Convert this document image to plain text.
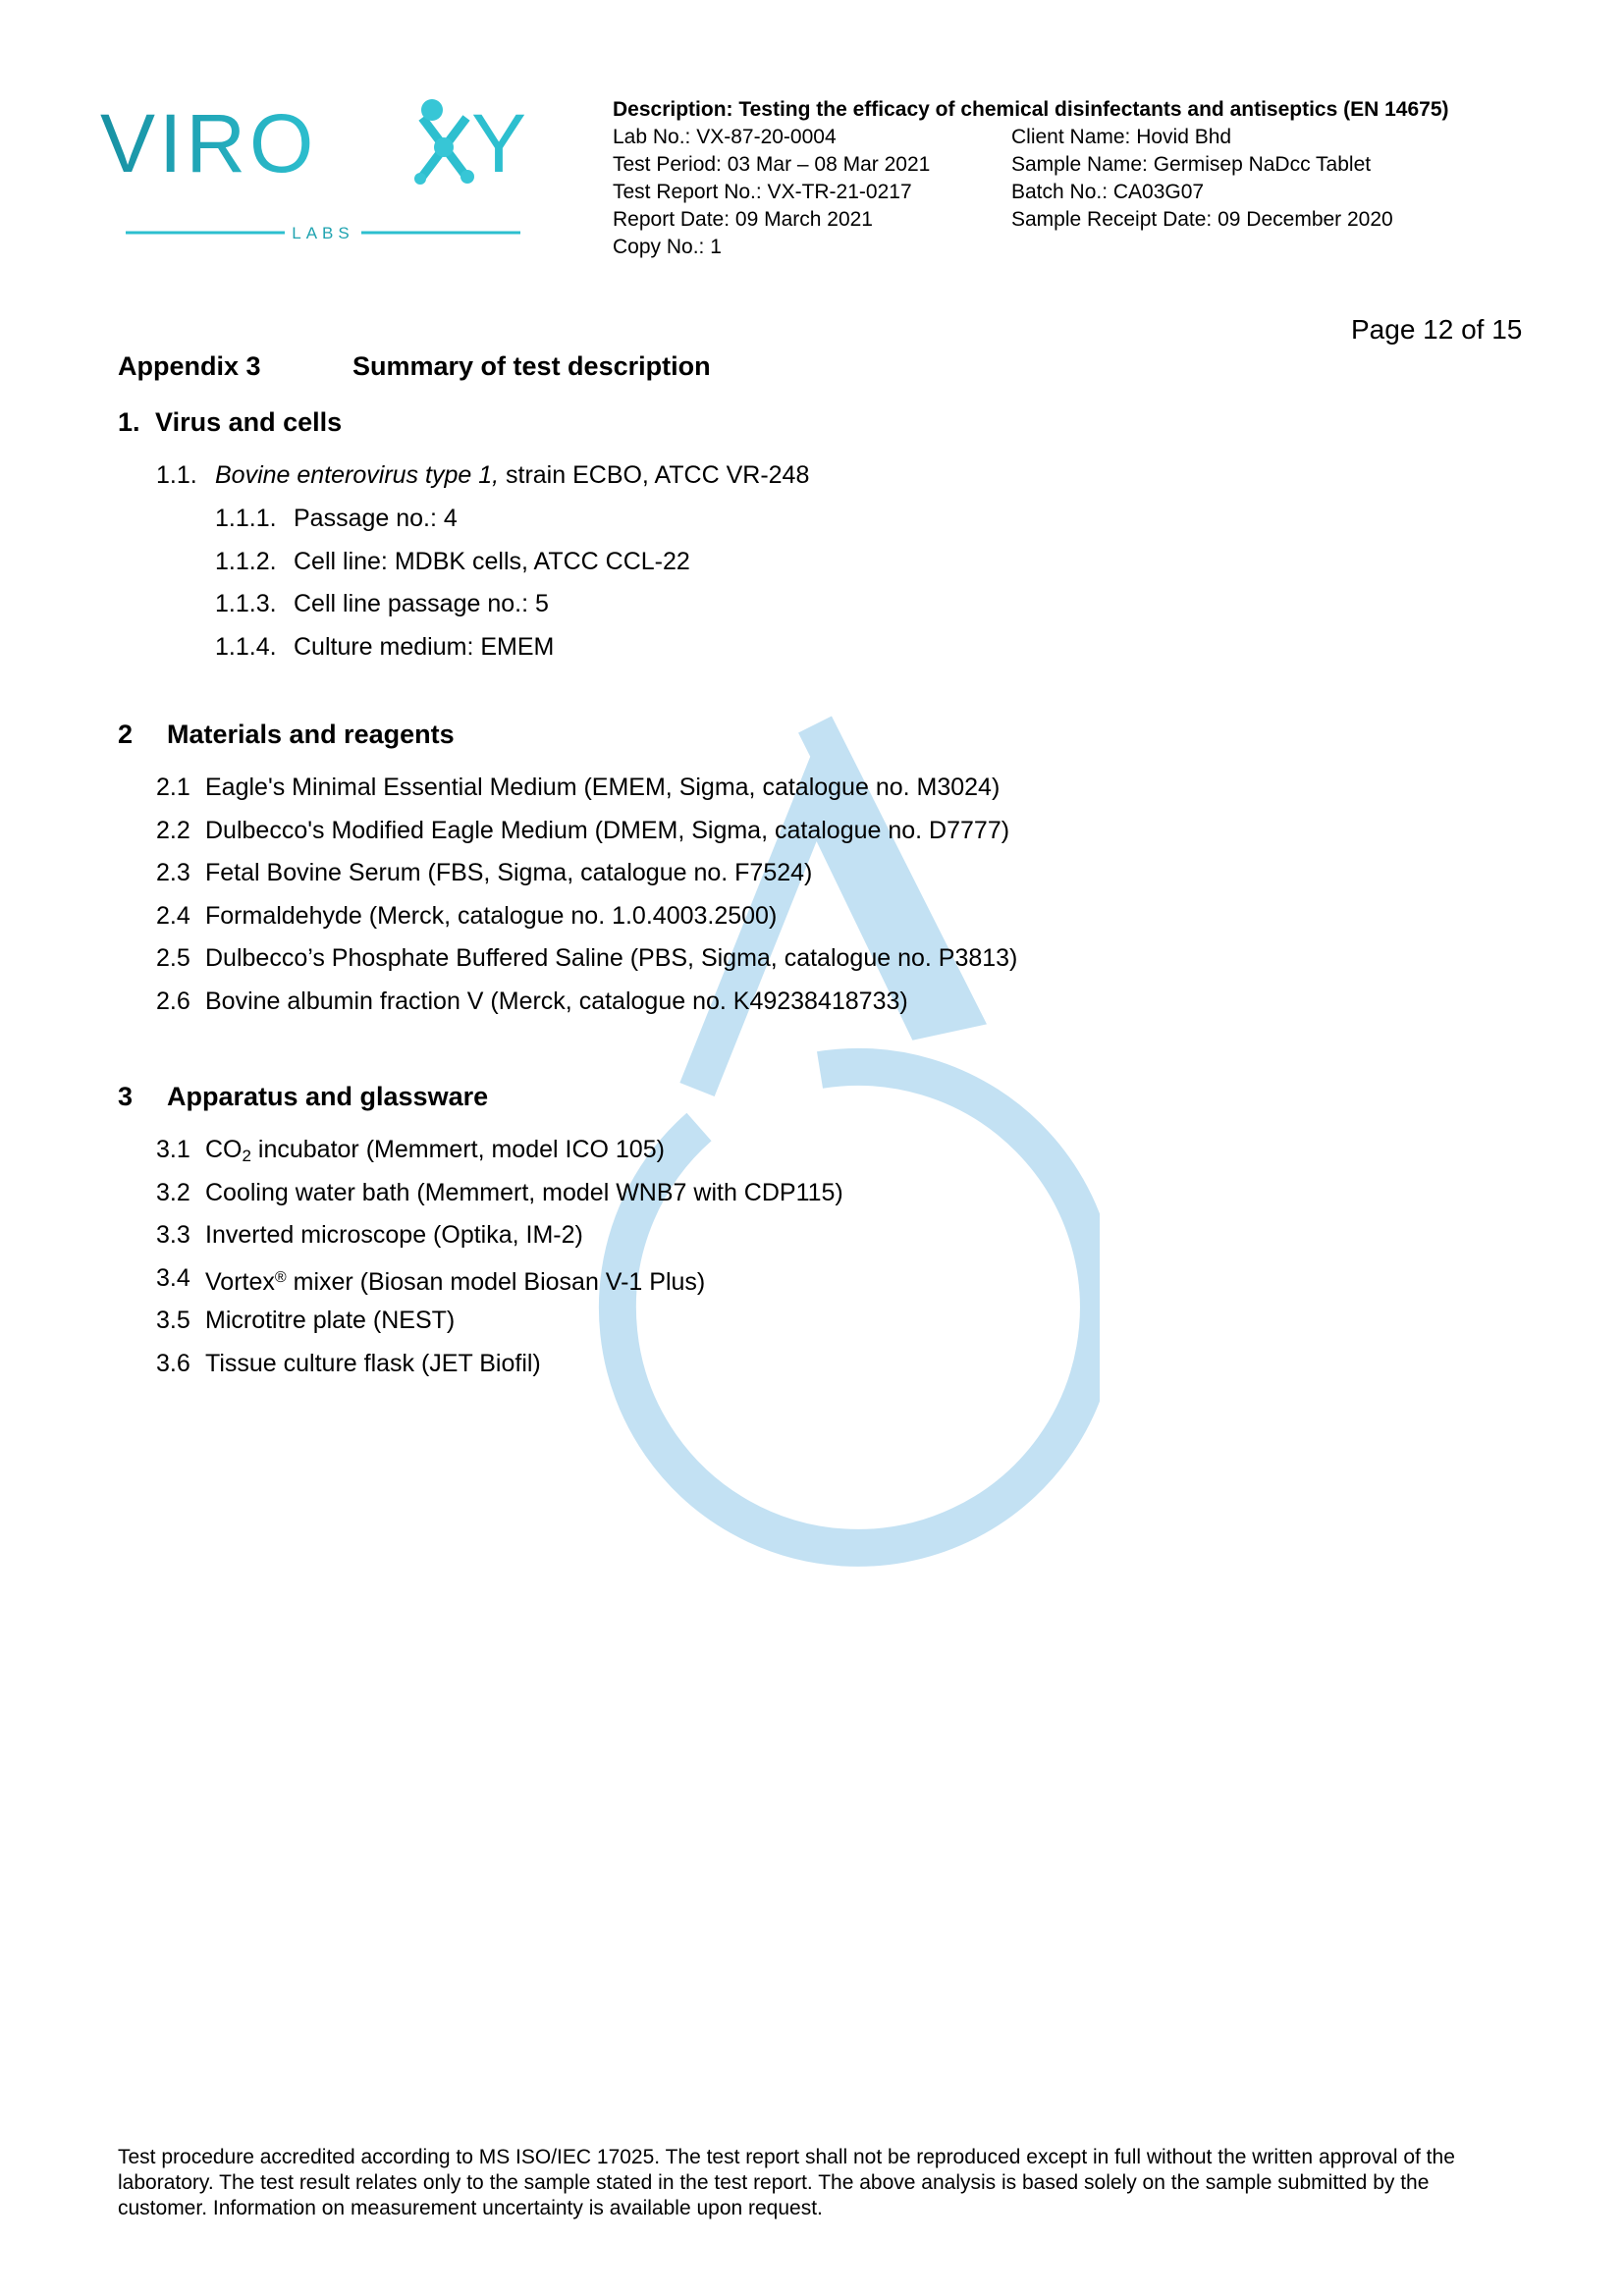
VIRO Y
LABS
Description: Testing the efficacy of chemical disinfectants and antiseptics (EN 14675)
Lab No.: VX-87-20-0004
Test Period: 03 Mar – 08 Mar 2021
Test Report No.: VX-TR-21-0217
Report Date: 09 March 2021
Copy No.: 1
Client Name: Hovid Bhd
Sample Name: Germisep NaDcc Tablet
Batch No.: CA03G07
Sample Receipt Date: 09 December 2020
Page 12 of 15
Appendix 3	Summary of test description
1. Virus and cells
1.1. Bovine enterovirus type 1, strain ECBO, ATCC VR-248
1.1.1. Passage no.: 4
1.1.2. Cell line: MDBK cells, ATCC CCL-22
1.1.3. Cell line passage no.: 5
1.1.4. Culture medium: EMEM
2 Materials and reagents
2.1 Eagle's Minimal Essential Medium (EMEM, Sigma, catalogue no. M3024)
2.2 Dulbecco's Modified Eagle Medium (DMEM, Sigma, catalogue no. D7777)
2.3 Fetal Bovine Serum (FBS, Sigma, catalogue no. F7524)
2.4 Formaldehyde (Merck, catalogue no. 1.0.4003.2500)
2.5 Dulbecco’s Phosphate Buffered Saline (PBS, Sigma, catalogue no. P3813)
2.6 Bovine albumin fraction V (Merck, catalogue no. K49238418733)
3 Apparatus and glassware
3.1 $CO_2$ incubator (Memmert, model ICO 105)
3.2 Cooling water bath (Memmert, model WNB7 with CDP115)
3.3 Inverted microscope (Optika, IM-2)
3.4 Vortex® mixer (Biosan model Biosan V-1 Plus)
3.5 Microtitre plate (NEST)
3.6 Tissue culture flask (JET Biofil)
Test procedure accredited according to MS ISO/IEC 17025. The test report shall not be reproduced except in full without the written approval of the laboratory. The test result relates only to the sample stated in the test report. The above analysis is based solely on the sample submitted by the customer. Information on measurement uncertainty is available upon request.
